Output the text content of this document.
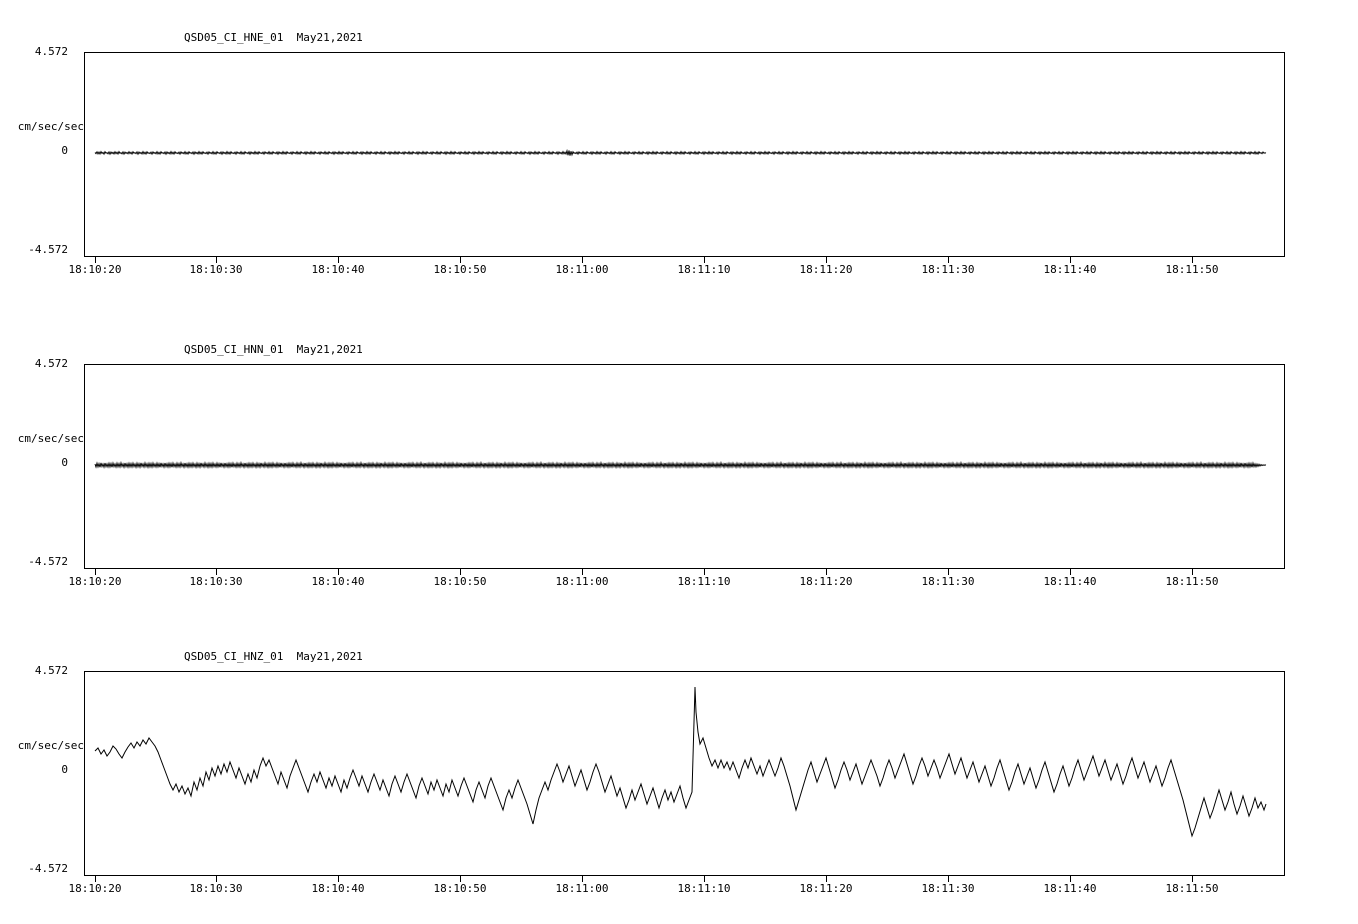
QSD05_CI_HNE_01  May21,2021
4.572
cm/sec/sec
0
-4.572
18:10:20	18:10:30	18:10:40	18:10:50	18:11:00	18:11:10	18:11:20	18:11:30	18:11:40	18:11:50
QSD05_CI_HNN_01  May21,2021
4.572
cm/sec/sec
0
-4.572
18:10:20	18:10:30	18:10:40	18:10:50	18:11:00	18:11:10	18:11:20	18:11:30	18:11:40	18:11:50
QSD05_CI_HNZ_01  May21,2021
4.572
cm/sec/sec
0
-4.572
18:10:20	18:10:30	18:10:40	18:10:50	18:11:00	18:11:10	18:11:20	18:11:30	18:11:40	18:11:50
